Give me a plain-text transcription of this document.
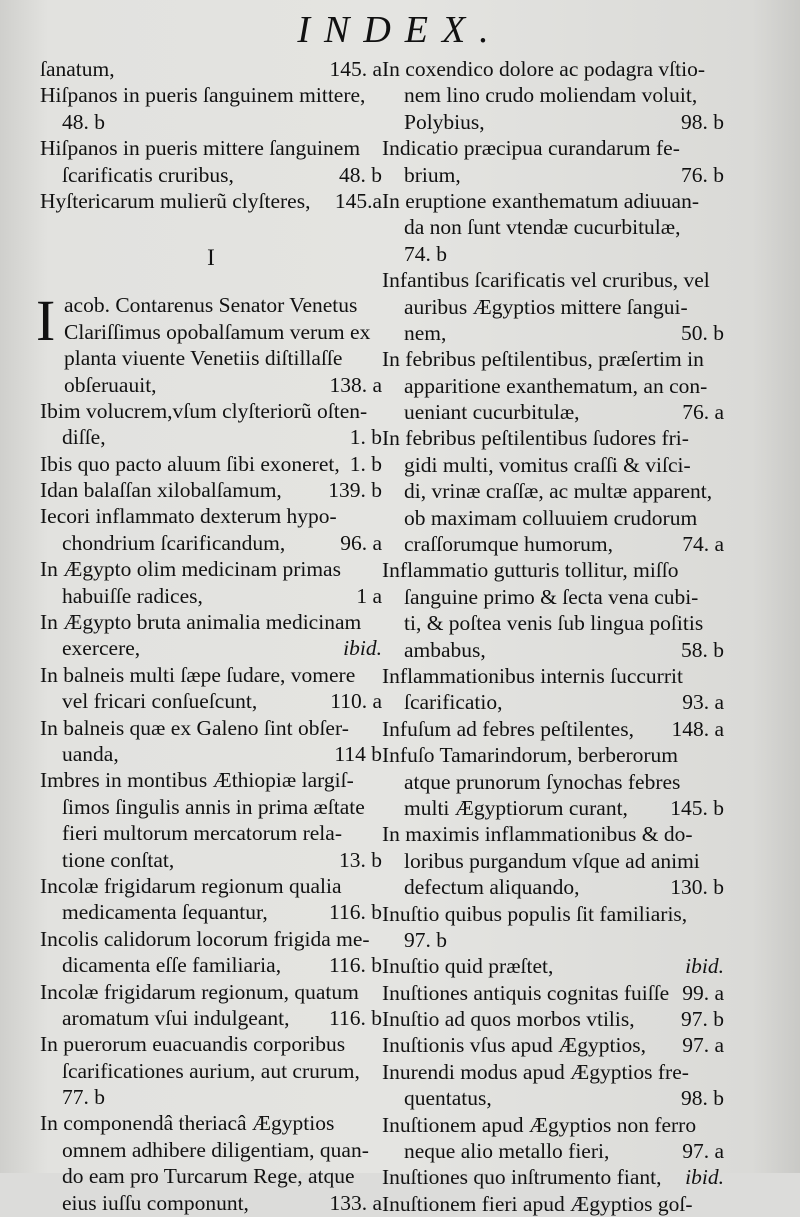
INDEX.
ſanatum,	145. a
Hiſpanos in pueris ſanguinem mittere,
48. b
Hiſpanos in pueris mittere ſanguinem
ſcarificatis cruribus,	48. b
Hyſtericarum mulierũ clyſteres, 145.a
I
I acob. Contarenus Senator Venetus
Clariſſimus opobalſamum verum ex
planta viuente Venetiis diſtillaſſe
obſeruauit,	138. a
Ibim volucrem,vſum clyſteriorũ oſten-
diſſe,	1. b
Ibis quo pacto aluum ſibi exoneret, 1. b
Idan balaſſan xilobalſamum, 139. b
Iecori inflammato dexterum hypo-
chondrium ſcarificandum,	96. a
In Ægypto olim medicinam primas
habuiſſe radices,	1 a
In Ægypto bruta animalia medicinam
exercere,	ibid.
In balneis multi ſæpe ſudare, vomere
vel fricari conſueſcunt,	110. a
In balneis quæ ex Galeno ſint obſer-
uanda,	114 b
Imbres in montibus Æthiopiæ largiſ-
ſimos ſingulis annis in prima æſtate
fieri multorum mercatorum rela-
tione conſtat,	13. b
Incolæ frigidarum regionum qualia
medicamenta ſequantur,	116. b
Incolis calidorum locorum frigida me-
dicamenta eſſe familiaria, 116. b
Incolæ frigidarum regionum, quatum
aromatum vſui indulgeant, 116. b
In puerorum euacuandis corporibus
ſcarificationes aurium, aut crurum,
77. b
In componendâ theriacâ Ægyptios
omnem adhibere diligentiam, quan-
do eam pro Turcarum Rege, atque
eius iuſſu componunt,	133. a
In coxendico dolore ac podagra vſtio-
nem lino crudo moliendam voluit,
Polybius,	98. b
Indicatio præcipua curandarum fe-
brium,	76. b
In eruptione exanthematum adiuuan-
da non ſunt vtendæ cucurbitulæ,
74. b
Infantibus ſcarificatis vel cruribus, vel
auribus Ægyptios mittere ſangui-
nem,	50. b
In febribus peſtilentibus, præſertim in
apparitione exanthematum, an con-
ueniant cucurbitulæ,	76. a
In febribus peſtilentibus ſudores fri-
gidi multi, vomitus craſſi & viſci-
di, vrinæ craſſæ, ac multæ apparent,
ob maximam colluuiem crudorum
craſſorumque humorum,	74. a
Inflammatio gutturis tollitur, miſſo
ſanguine primo & ſecta vena cubi-
ti, & poſtea venis ſub lingua poſitis
ambabus,	58. b
Inflammationibus internis ſuccurrit
ſcarificatio,	93. a
Infuſum ad febres peſtilentes, 148. a
Infuſo Tamarindorum, berberorum
atque prunorum ſynochas febres
multi Ægyptiorum curant, 145. b
In maximis inflammationibus & do-
loribus purgandum vſque ad animi
defectum aliquando,	130. b
Inuſtio quibus populis ſit familiaris,
97. b
Inuſtio quid præſtet,	ibid.
Inuſtiones antiquis cognitas fuiſſe 99. a
Inuſtio ad quos morbos vtilis, 97. b
Inuſtionis vſus apud Ægyptios, 97. a
Inurendi modus apud Ægyptios fre-
quentatus,	98. b
Inuſtionem apud Ægyptios non ferro
neque alio metallo fieri,	97. a
Inuſtiones quo inſtrumento fiant, ibid.
Inuſtionem fieri apud Ægyptios goſ-
